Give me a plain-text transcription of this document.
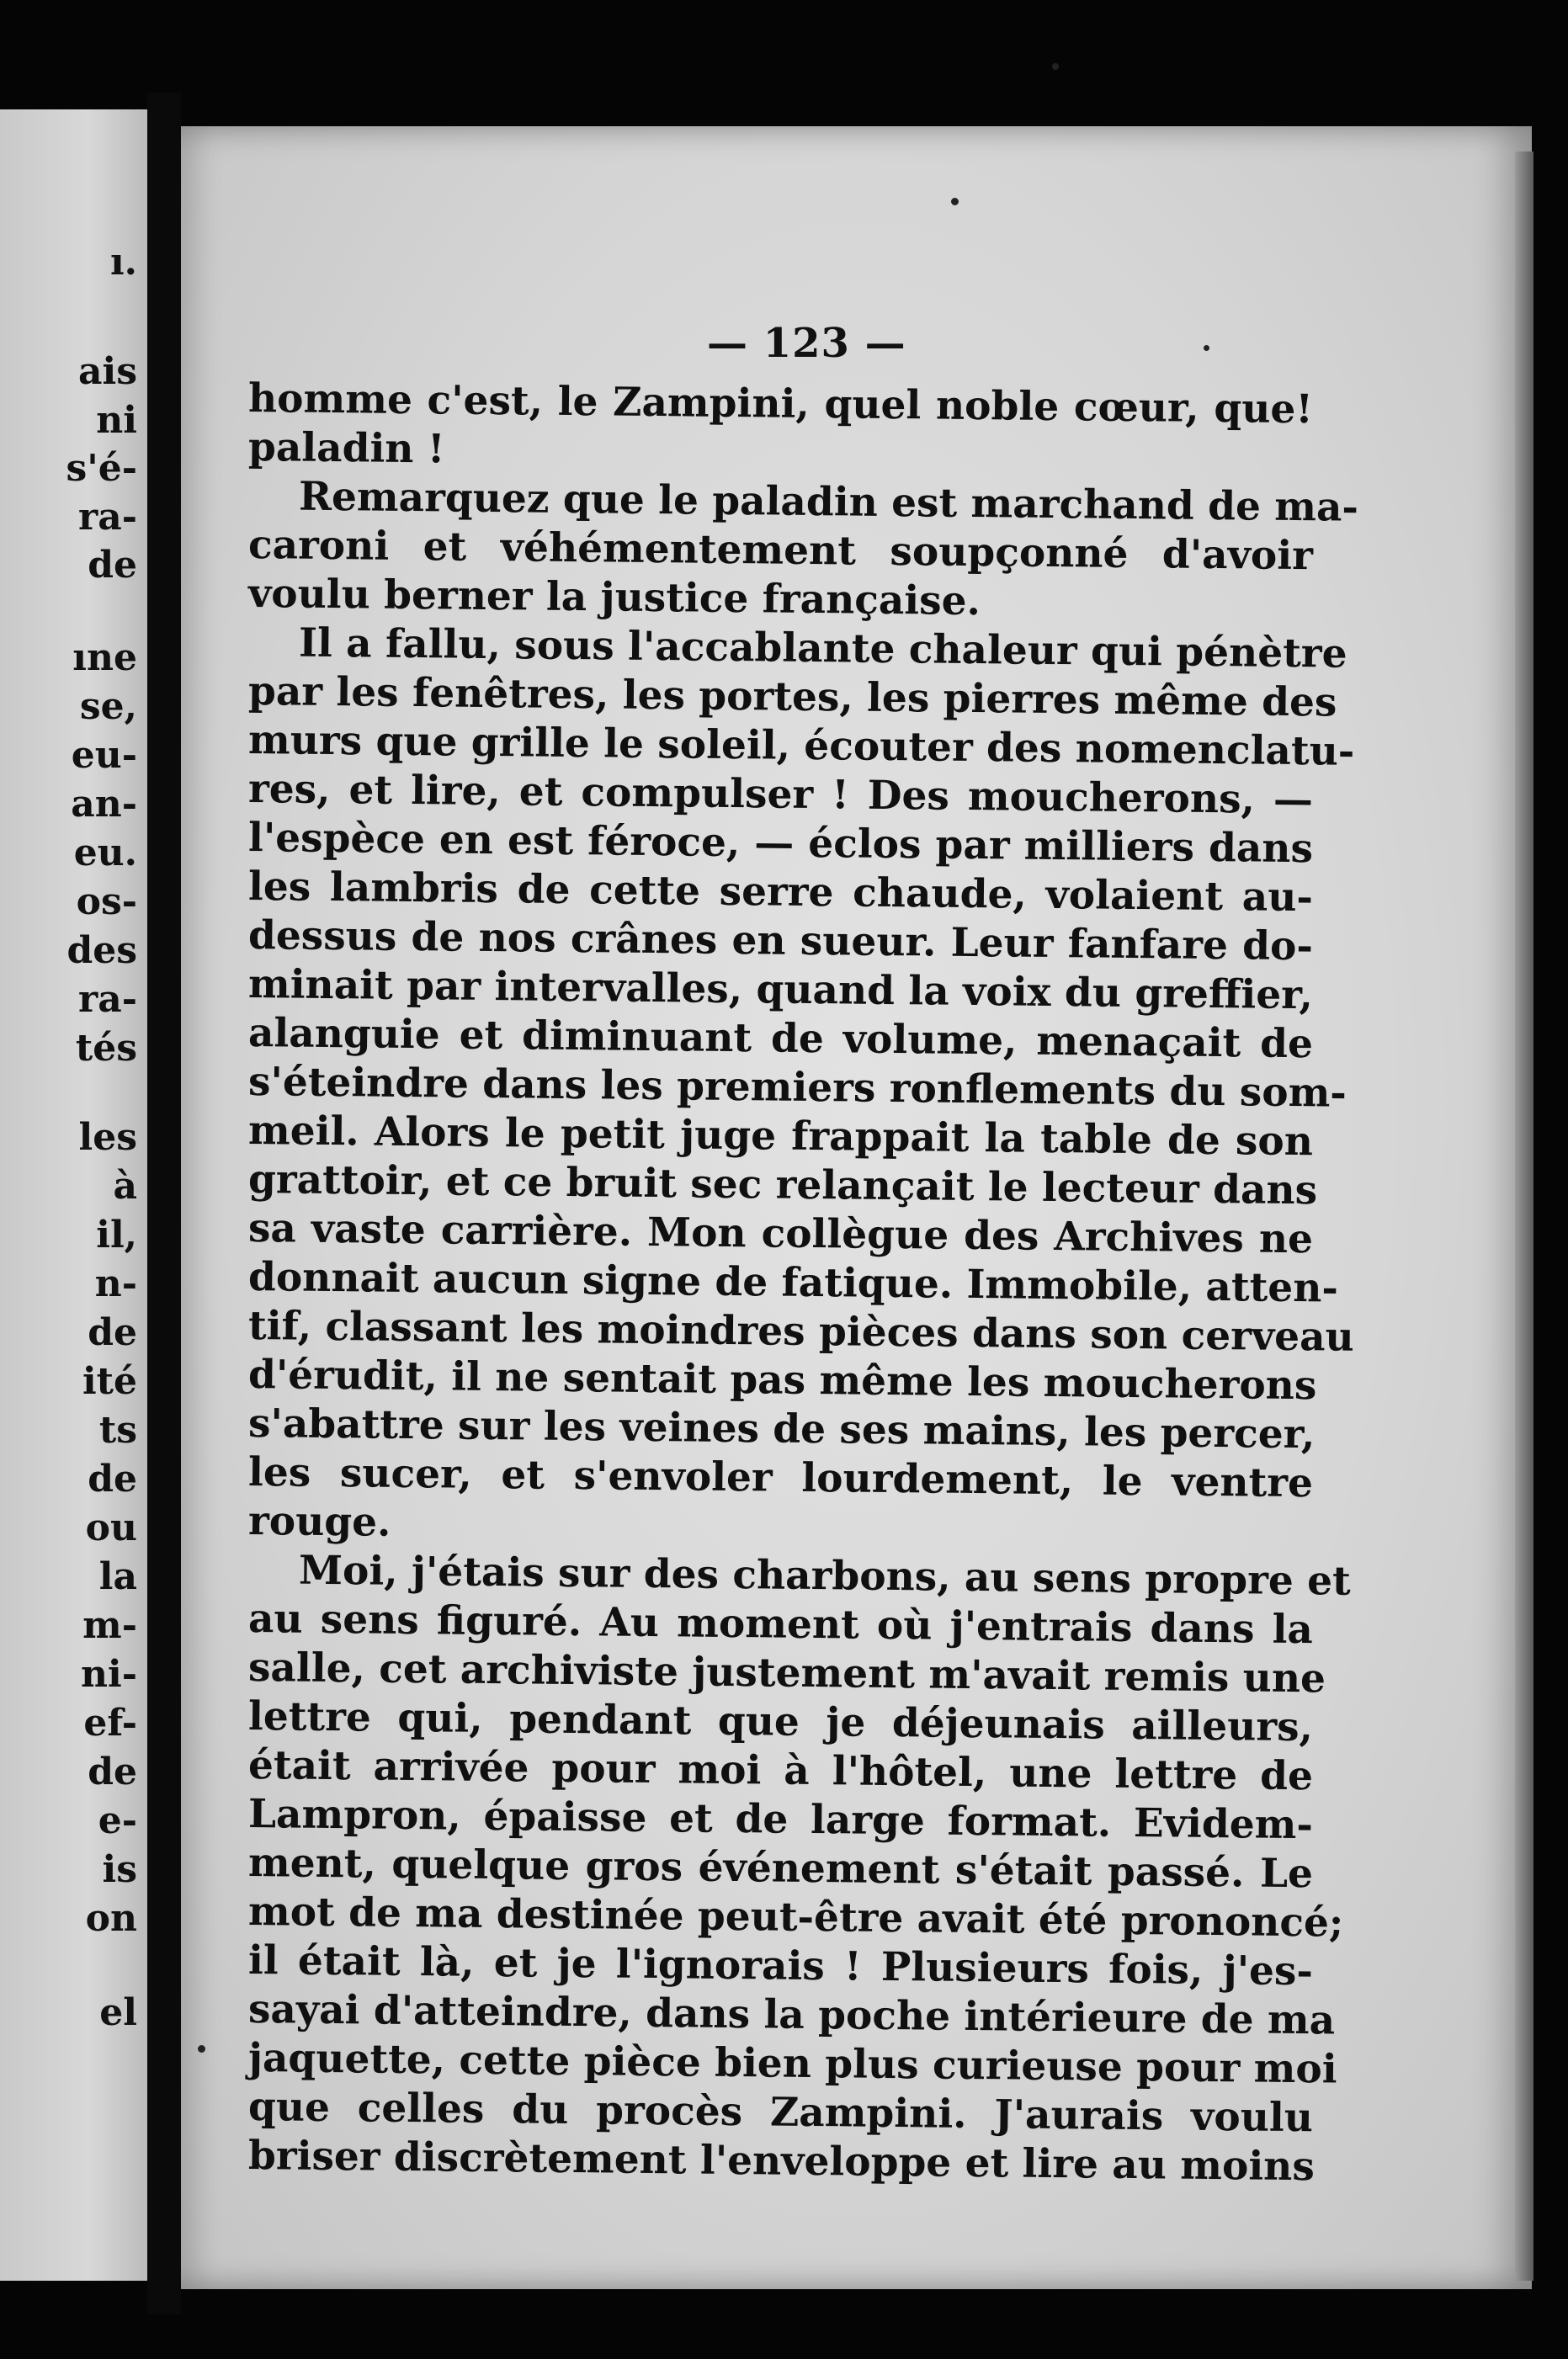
ı.
ais
ni
s'é-
ra-
de
ıne
se,
eu-
an-
eu.
os-
des
ra-
tés
les
à
il,
n-
de
ité
ts
de
ou
la
m-
ni-
ef-
de
e-
is
on
el
— 123 —
homme c'est, le Zampini, quel noble cœur, que!
paladin !
Remarquez que le paladin est marchand de ma-
caroni et véhémentement soupçonné d'avoir
voulu berner la justice française.
Il a fallu, sous l'accablante chaleur qui pénètre
par les fenêtres, les portes, les pierres même des
murs que grille le soleil, écouter des nomenclatu-
res, et lire, et compulser ! Des moucherons, —
l'espèce en est féroce, — éclos par milliers dans
les lambris de cette serre chaude, volaient au-
dessus de nos crânes en sueur. Leur fanfare do-
minait par intervalles, quand la voix du greffier,
alanguie et diminuant de volume, menaçait de
s'éteindre dans les premiers ronflements du som-
meil. Alors le petit juge frappait la table de son
grattoir, et ce bruit sec relançait le lecteur dans
sa vaste carrière. Mon collègue des Archives ne
donnait aucun signe de fatique. Immobile, atten-
tif, classant les moindres pièces dans son cerveau
d'érudit, il ne sentait pas même les moucherons
s'abattre sur les veines de ses mains, les percer,
les sucer, et s'envoler lourdement, le ventre
rouge.
Moi, j'étais sur des charbons, au sens propre et
au sens figuré. Au moment où j'entrais dans la
salle, cet archiviste justement m'avait remis une
lettre qui, pendant que je déjeunais ailleurs,
était arrivée pour moi à l'hôtel, une lettre de
Lampron, épaisse et de large format. Evidem-
ment, quelque gros événement s'était passé. Le
mot de ma destinée peut-être avait été prononcé;
il était là, et je l'ignorais ! Plusieurs fois, j'es-
sayai d'atteindre, dans la poche intérieure de ma
jaquette, cette pièce bien plus curieuse pour moi
que celles du procès Zampini. J'aurais voulu
briser discrètement l'enveloppe et lire au moins
